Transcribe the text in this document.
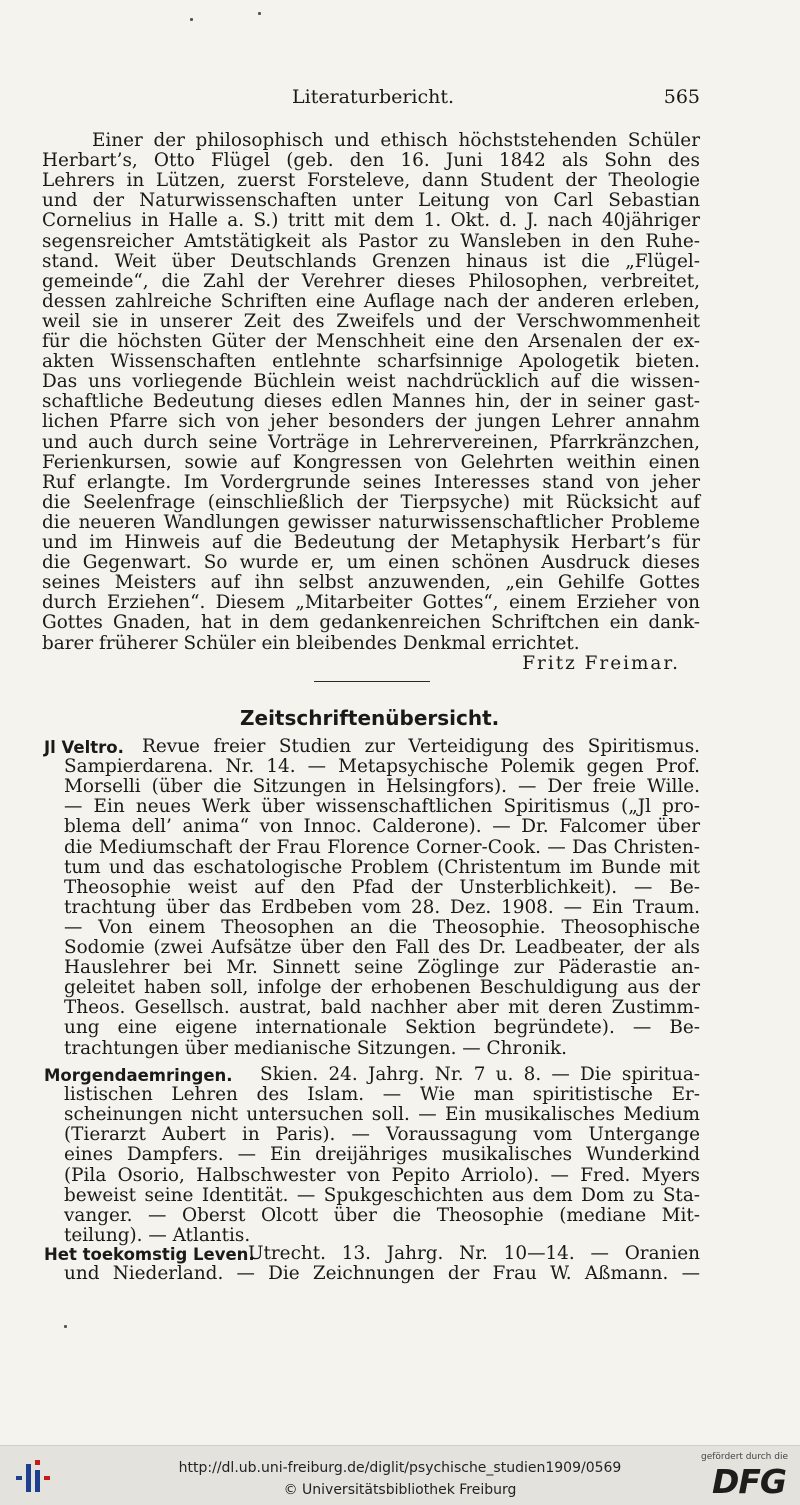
Literaturbericht.	565
Einer der philosophisch und ethisch höchststehenden Schüler
Herbart’s, Otto Flügel (geb. den 16. Juni 1842 als Sohn des
Lehrers in Lützen, zuerst Forsteleve, dann Student der Theologie
und der Naturwissenschaften unter Leitung von Carl Sebastian
Cornelius in Halle a. S.) tritt mit dem 1. Okt. d. J. nach 40jähriger
segensreicher Amtstätigkeit als Pastor zu Wansleben in den Ruhe-
stand. Weit über Deutschlands Grenzen hinaus ist die „Flügel-
gemeinde“, die Zahl der Verehrer dieses Philosophen, verbreitet,
dessen zahlreiche Schriften eine Auflage nach der anderen erleben,
weil sie in unserer Zeit des Zweifels und der Verschwommenheit
für die höchsten Güter der Menschheit eine den Arsenalen der ex-
akten Wissenschaften entlehnte scharfsinnige Apologetik bieten.
Das uns vorliegende Büchlein weist nachdrücklich auf die wissen-
schaftliche Bedeutung dieses edlen Mannes hin, der in seiner gast-
lichen Pfarre sich von jeher besonders der jungen Lehrer annahm
und auch durch seine Vorträge in Lehrervereinen, Pfarrkränzchen,
Ferienkursen, sowie auf Kongressen von Gelehrten weithin einen
Ruf erlangte. Im Vordergrunde seines Interesses stand von jeher
die Seelenfrage (einschließlich der Tierpsyche) mit Rücksicht auf
die neueren Wandlungen gewisser naturwissenschaftlicher Probleme
und im Hinweis auf die Bedeutung der Metaphysik Herbart’s für
die Gegenwart. So wurde er, um einen schönen Ausdruck dieses
seines Meisters auf ihn selbst anzuwenden, „ein Gehilfe Gottes
durch Erziehen“. Diesem „Mitarbeiter Gottes“, einem Erzieher von
Gottes Gnaden, hat in dem gedankenreichen Schriftchen ein dank-
barer früherer Schüler ein bleibendes Denkmal errichtet.
Fritz Freimar.
Zeitschriftenübersicht.
Jl Veltro. Revue freier Studien zur Verteidigung des Spiritismus.
Sampierdarena. Nr. 14. — Metapsychische Polemik gegen Prof.
Morselli (über die Sitzungen in Helsingfors). — Der freie Wille.
— Ein neues Werk über wissenschaftlichen Spiritismus („Jl pro-
blema dell’ anima“ von Innoc. Calderone). — Dr. Falcomer über
die Mediumschaft der Frau Florence Corner-Cook. — Das Christen-
tum und das eschatologische Problem (Christentum im Bunde mit
Theosophie weist auf den Pfad der Unsterblichkeit). — Be-
trachtung über das Erdbeben vom 28. Dez. 1908. — Ein Traum.
— Von einem Theosophen an die Theosophie. Theosophische
Sodomie (zwei Aufsätze über den Fall des Dr. Leadbeater, der als
Hauslehrer bei Mr. Sinnett seine Zöglinge zur Päderastie an-
geleitet haben soll, infolge der erhobenen Beschuldigung aus der
Theos. Gesellsch. austrat, bald nachher aber mit deren Zustimm-
ung eine eigene internationale Sektion begründete). — Be-
trachtungen über medianische Sitzungen. — Chronik.
Morgendaemringen. Skien. 24. Jahrg. Nr. 7 u. 8. — Die spiritua-
listischen Lehren des Islam. — Wie man spiritistische Er-
scheinungen nicht untersuchen soll. — Ein musikalisches Medium
(Tierarzt Aubert in Paris). — Voraussagung vom Untergange
eines Dampfers. — Ein dreijähriges musikalisches Wunderkind
(Pila Osorio, Halbschwester von Pepito Arriolo). — Fred. Myers
beweist seine Identität. — Spukgeschichten aus dem Dom zu Sta-
vanger. — Oberst Olcott über die Theosophie (mediane Mit-
teilung). — Atlantis.
Het toekomstig Leven.
Utrecht. 13. Jahrg. Nr. 10—14. — Oranien
und Niederland. — Die Zeichnungen der Frau W. Aßmann. —
http://dl.ub.uni-freiburg.de/diglit/psychische_studien1909/0569
© Universitätsbibliothek Freiburg
gefördert durch die
DFG
